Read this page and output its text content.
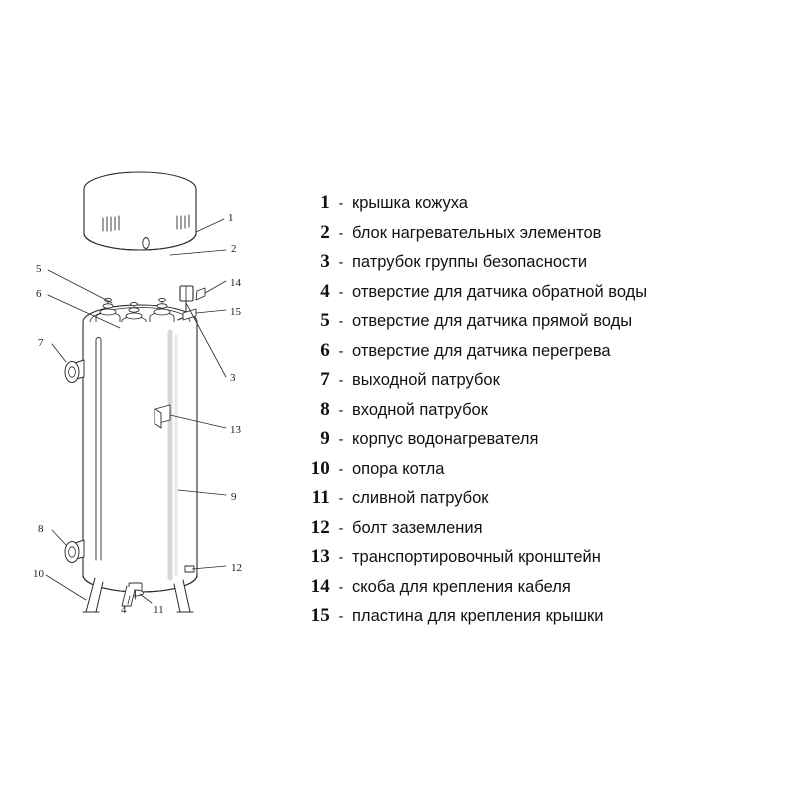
1
2
3
4
5
6
7
8
9
10
11
12
13
14
15
1 - крышка кожуха
2 - блок нагревательных элементов
3 - патрубок группы безопасности
4 - отверстие для датчика обратной воды
5 - отверстие для датчика прямой воды
6 - отверстие для датчика перегрева
7 - выходной патрубок
8 - входной патрубок
9 - корпус водонагревателя
10 - опора котла
11 - сливной патрубок
12 - болт заземления
13 - транспортировочный кронштейн
14 - скоба для крепления кабеля
15 - пластина для крепления крышки
